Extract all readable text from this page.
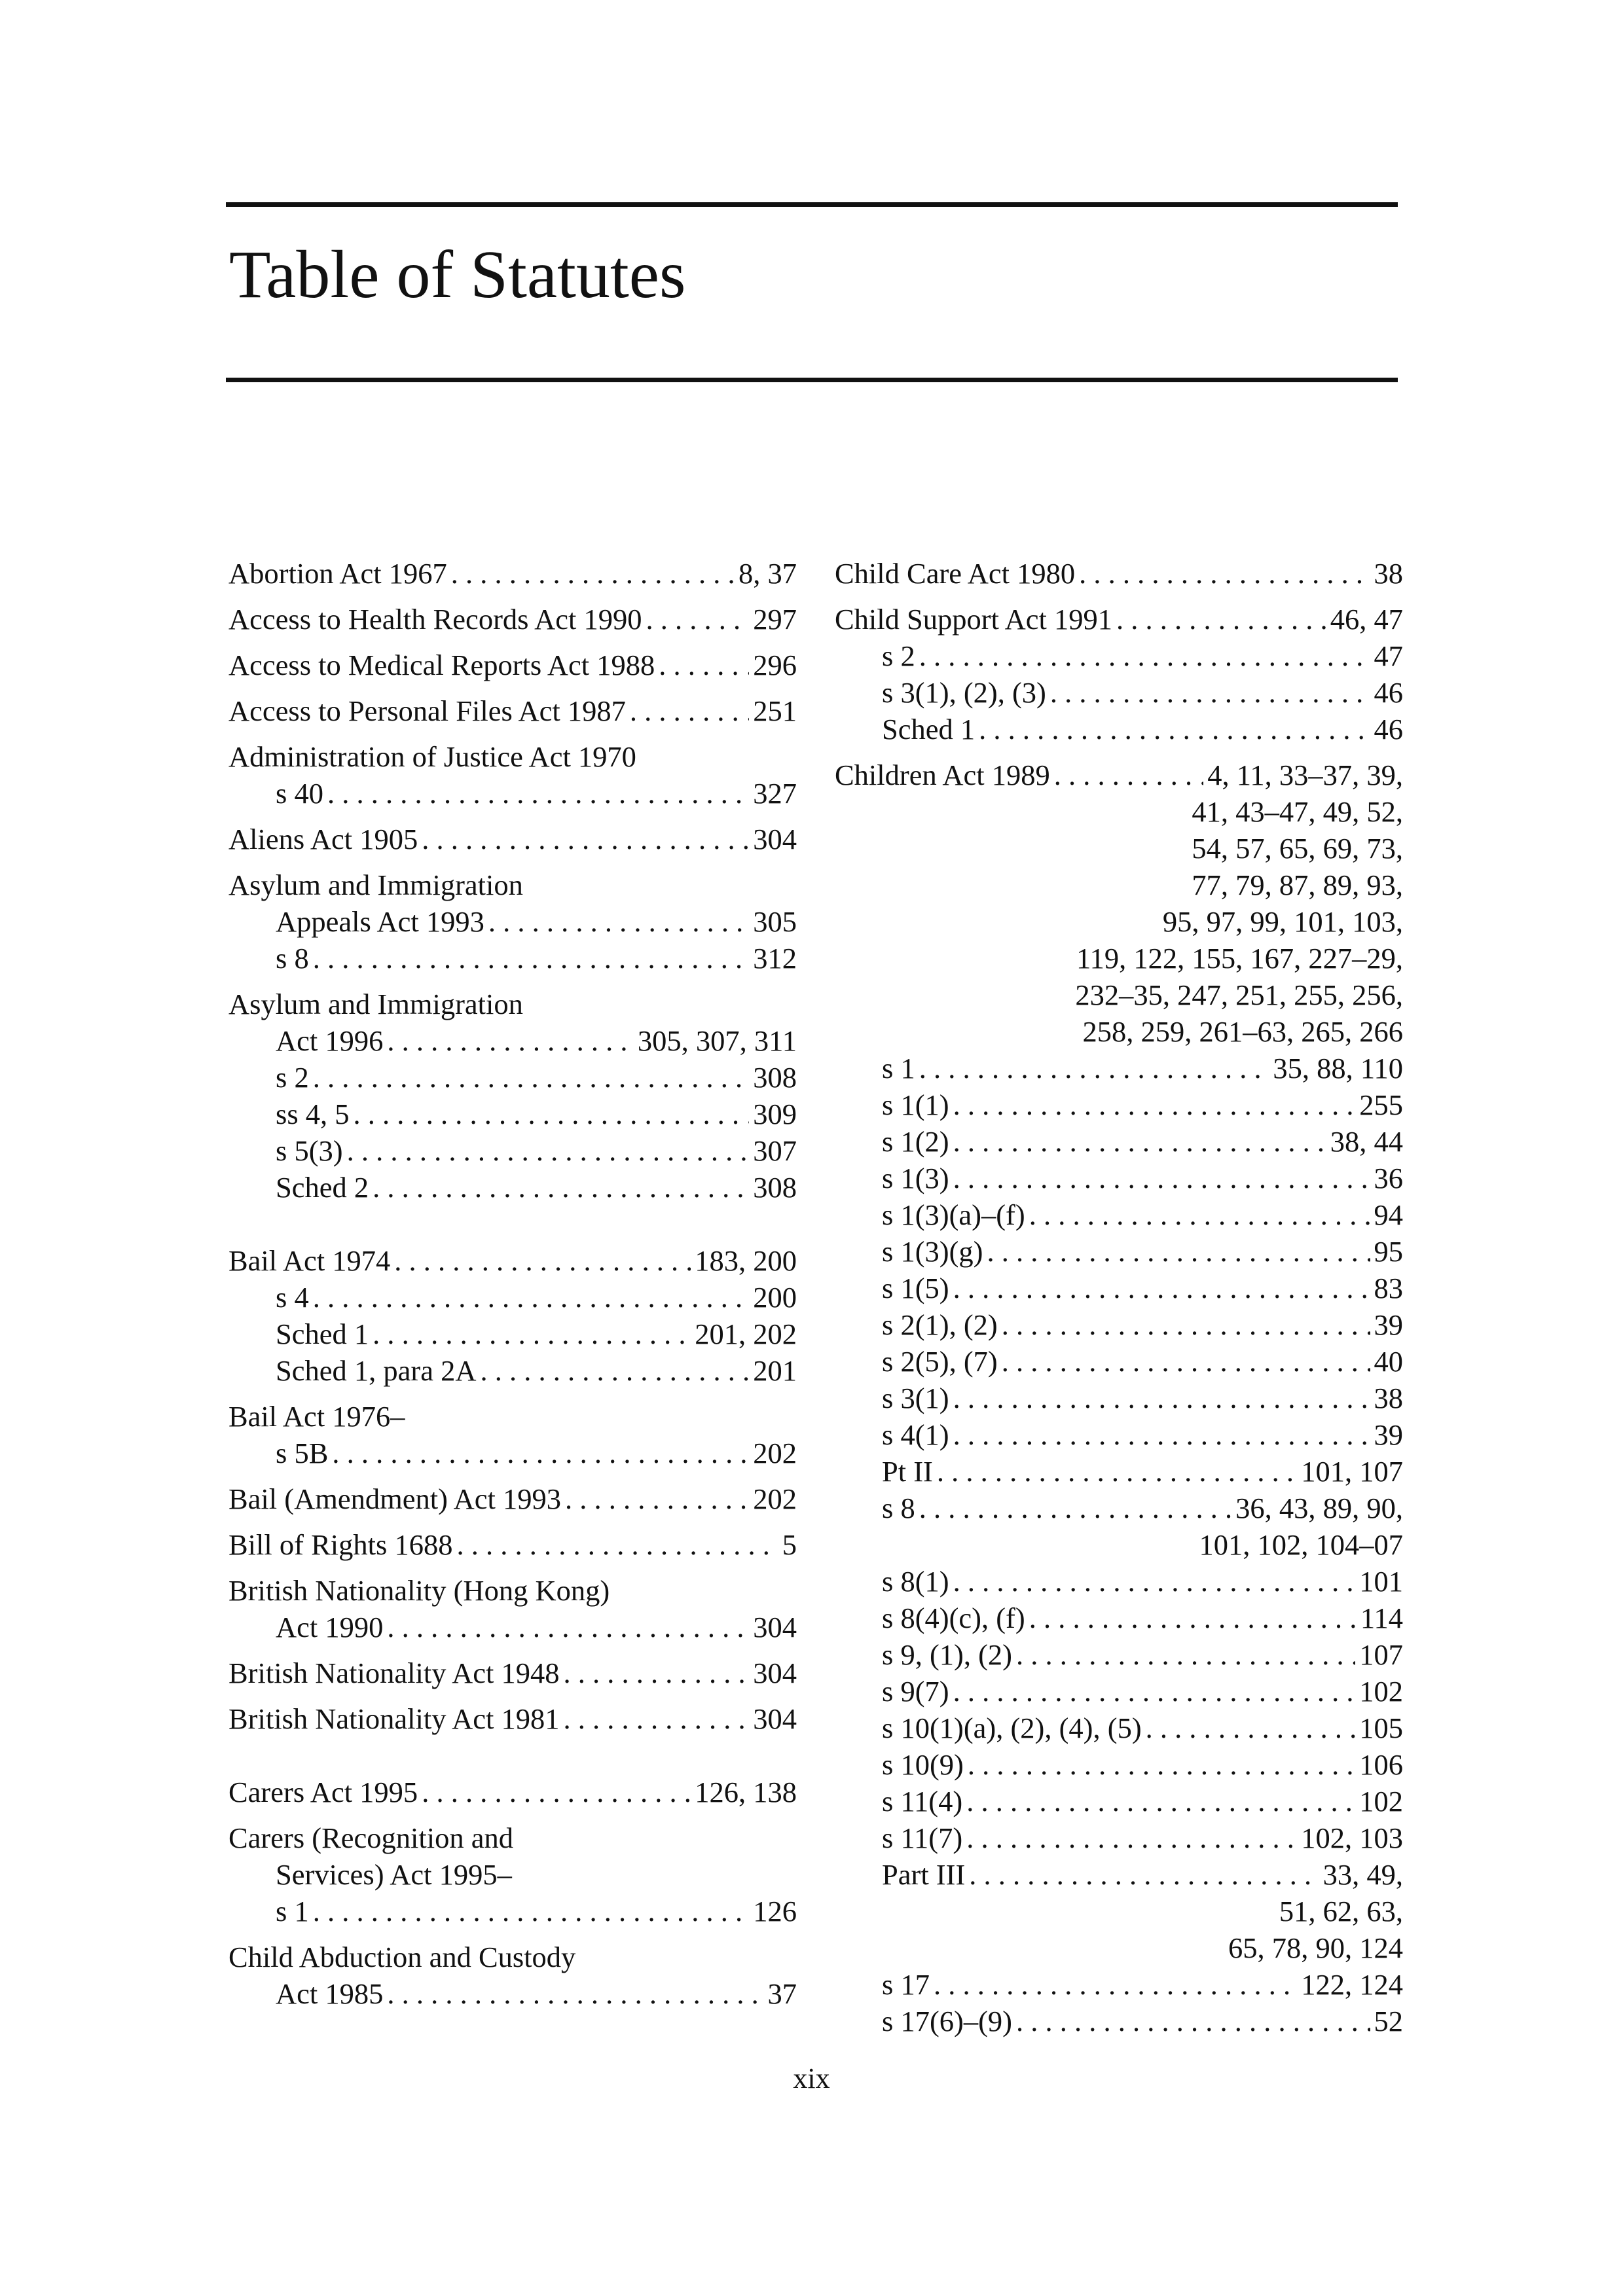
Table of Statutes
Abortion Act 1967 . . .	8, 37
Access to Health Records Act 1990 . . .	297
Access to Medical Reports Act 1988 . . .	296
Access to Personal Files Act 1987 . . .	251
Administration of Justice Act 1970
s 40 . . .	327
Aliens Act 1905 . . .	304
Asylum and Immigration
Appeals Act 1993 . . .	305
s 8 . . .	312
Asylum and Immigration
Act 1996 . . .	305, 307, 311
s 2 . . .	308
ss 4, 5 . . .	309
s 5(3) . . .	307
Sched 2 . . .	308
Bail Act 1974 . . .	183, 200
s 4 . . .	200
Sched 1 . . .	201, 202
Sched 1, para 2A . . .	201
Bail Act 1976–
s 5B . . .	202
Bail (Amendment) Act 1993 . . .	202
Bill of Rights 1688 . . .	5
British Nationality (Hong Kong)
Act 1990 . . .	304
British Nationality Act 1948 . . .	304
British Nationality Act 1981 . . .	304
Carers Act 1995 . . .	126, 138
Carers (Recognition and
Services) Act 1995–
s 1 . . .	126
Child Abduction and Custody
Act 1985 . . .	37
Child Care Act 1980 . . .	38
Child Support Act 1991 . . .	46, 47
s 2 . . .	47
s 3(1), (2), (3) . . .	46
Sched 1 . . .	46
Children Act 1989 . . .	4, 11, 33–37, 39,
41, 43–47, 49, 52,
54, 57, 65, 69, 73,
77, 79, 87, 89, 93,
95, 97, 99, 101, 103,
119, 122, 155, 167, 227–29,
232–35, 247, 251, 255, 256,
258, 259, 261–63, 265, 266
s 1 . . .	35, 88, 110
s 1(1) . . .	255
s 1(2) . . .	38, 44
s 1(3) . . .	36
s 1(3)(a)–(f) . . .	94
s 1(3)(g) . . .	95
s 1(5) . . .	83
s 2(1), (2) . . .	39
s 2(5), (7) . . .	40
s 3(1) . . .	38
s 4(1) . . .	39
Pt II . . .	101, 107
s 8 . . .	36, 43, 89, 90,
101, 102, 104–07
s 8(1) . . .	101
s 8(4)(c), (f) . . .	114
s 9, (1), (2) . . .	107
s 9(7) . . .	102
s 10(1)(a), (2), (4), (5) . . .	105
s 10(9) . . .	106
s 11(4) . . .	102
s 11(7) . . .	102, 103
Part III . . .	33, 49,
51, 62, 63,
65, 78, 90, 124
s 17 . . .	122, 124
s 17(6)–(9) . . .	52
xix
